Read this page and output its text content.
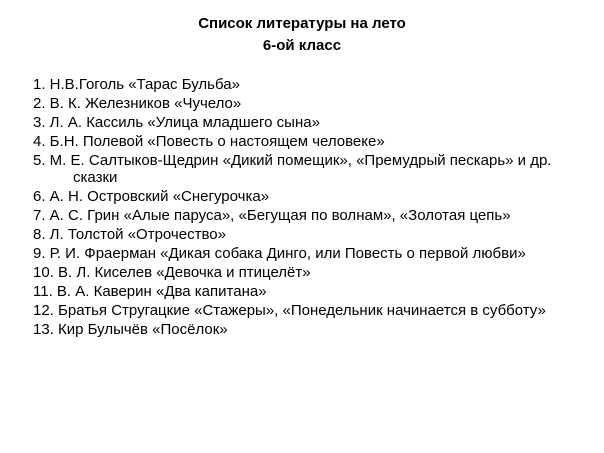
Список литературы на лето
6-ой класс
1. Н.В.Гоголь «Тарас Бульба»
2. В. К. Железников «Чучело»
3. Л. А. Кассиль «Улица младшего сына»
4. Б.Н. Полевой «Повесть о настоящем человеке»
5. М. Е. Салтыков-Щедрин «Дикий помещик», «Премудрый пескарь» и др. сказки
6. А. Н. Островский «Снегурочка»
7. А. С. Грин «Алые паруса», «Бегущая по волнам», «Золотая цепь»
8. Л. Толстой «Отрочество»
9. Р. И. Фраерман «Дикая собака Динго, или Повесть о первой любви»
10. В. Л. Киселев «Девочка и птицелёт»
11. В. А. Каверин «Два капитана»
12. Братья Стругацкие «Стажеры», «Понедельник начинается в субботу»
13. Кир Булычёв «Посёлок»
